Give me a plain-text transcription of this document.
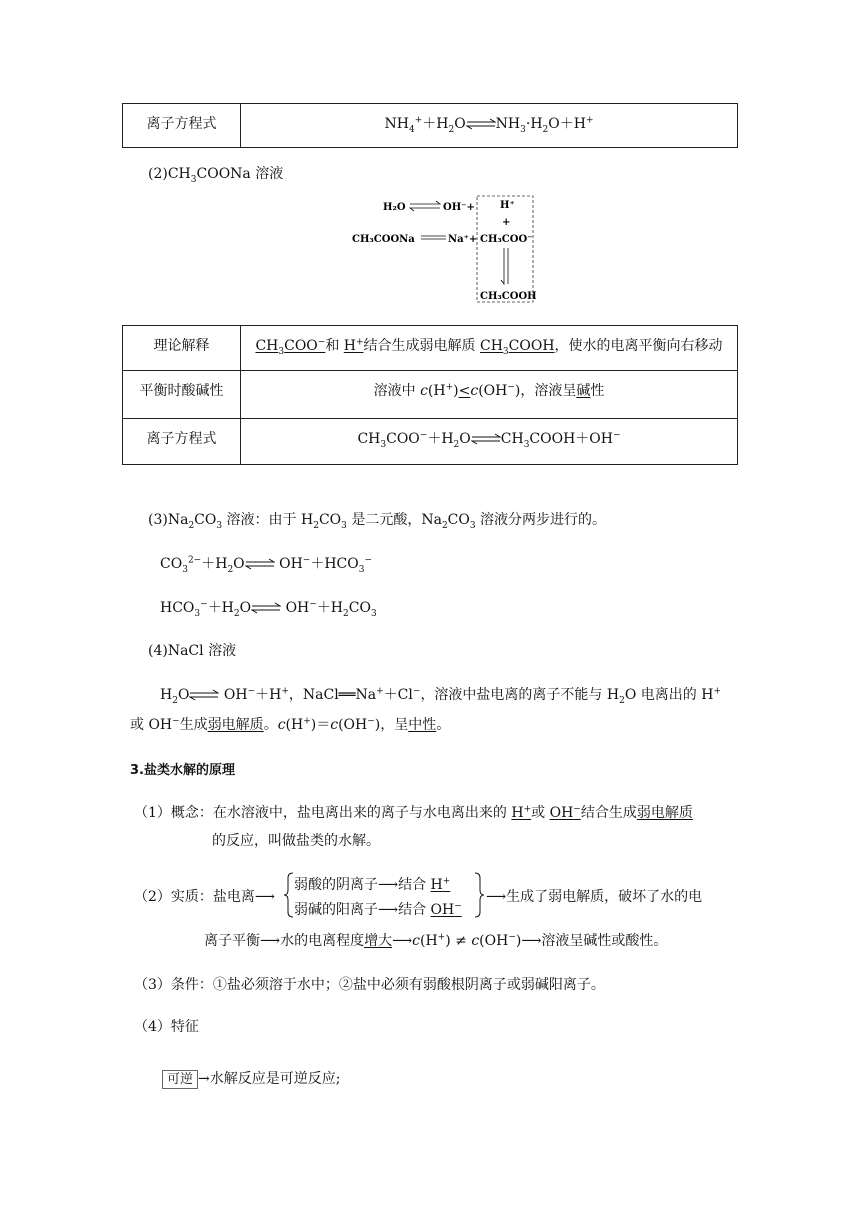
离子方程式	$NH_4^++H_2O\rightleftharpoons NH_3\cdot H_2O+H^+$
$(2)CH_3COONa$ 溶液
H₂O	OH⁻+
CH₃COONa	Na⁺+
H⁺
+
CH₃COO⁻
CH₃COOH
理论解释	$CH_3COO^-$和 H+结合生成弱电解质 $CH_3COOH$，使水的电离平衡向右移动
平衡时酸碱性	溶液中 c(H+)<c(OH−)，溶液呈碱性
离子方程式	$CH_3COO^-+H_2O\rightleftharpoons CH_3COOH+OH^-$
$(3)Na_2CO_3$ 溶液：由于 $H_2CO_3$ 是二元酸，$Na_2CO_3$ 溶液分两步进行的。
$CO_3^{2-}+H_2O\rightleftharpoons$ $OH^-+HCO_3^-$
$HCO_3^-+H_2O\rightleftharpoons$ $OH^-+H_2CO_3$
(4)NaCl 溶液
$H_2O\rightleftharpoons$ OH−＋H+，NaCl══Na+＋Cl−，溶液中盐电离的离子不能与 $H_2O$ 电离出的 H+
或 OH−生成弱电解质。c(H+)＝c(OH−)，呈中性。
3.盐类水解的原理
（1）概念：在水溶液中，盐电离出来的离子与水电离出来的 H+或 OH−结合生成弱电解质
的反应，叫做盐类的水解。
（2）实质：盐电离⟶
弱酸的阴离子⟶结合 H+
弱碱的阳离子⟶结合 OH−
⟶生成了弱电解质，破坏了水的电
离子平衡⟶水的电离程度增大⟶c(H+) ≠ c(OH−)⟶溶液呈碱性或酸性。
（3）条件：①盐必须溶于水中；②盐中必须有弱酸根阴离子或弱碱阳离子。
（4）特征
可逆 →水解反应是可逆反应;
